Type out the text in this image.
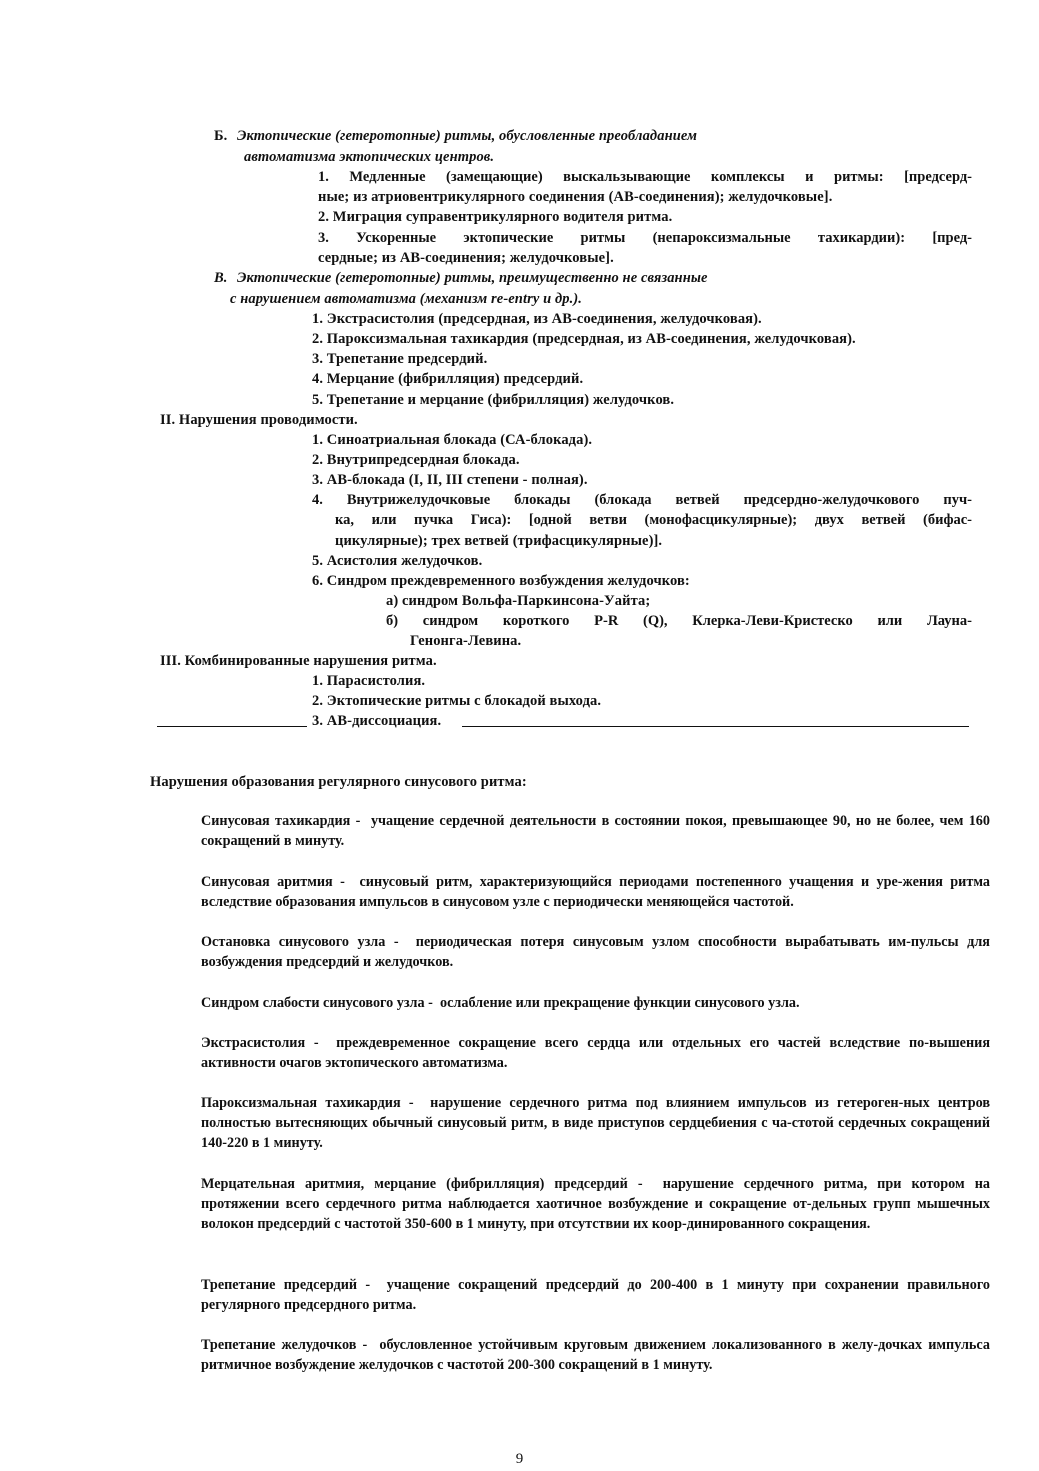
Б. Эктопические (гетеротопные) ритмы, обусловленные преобладанием
автоматизма эктопических центров.
1. Медленные (замещающие) выскальзывающие комплексы и ритмы: [предсерд-
ные; из атриовентрикулярного соединения (АВ-соединения); желудочковые].
2. Миграция суправентрикулярного водителя ритма.
3. Ускоренные эктопические ритмы (непароксизмальные тахикардии): [пред-
сердные; из АВ-соединения; желудочковые].
В. Эктопические (гетеротопные) ритмы, преимущественно не связанные
с нарушением автоматизма (механизм re-entry и др.).
1. Экстрасистолия (предсердная, из АВ-соединения, желудочковая).
2. Пароксизмальная тахикардия (предсердная, из АВ-соединения, желудочковая).
3. Трепетание предсердий.
4. Мерцание (фибрилляция) предсердий.
5. Трепетание и мерцание (фибрилляция) желудочков.
II. Нарушения проводимости.
1. Синоатриальная блокада (СА-блокада).
2. Внутрипредсердная блокада.
3. АВ-блокада (I, II, III степени - полная).
4. Внутрижелудочковые блокады (блокада ветвей предсердно-желудочкового пуч-
ка, или пучка Гиса): [одной ветви (монофасцикулярные); двух ветвей (бифас-
цикулярные); трех ветвей (трифасцикулярные)].
5. Асистолия желудочков.
6. Синдром преждевременного возбуждения желудочков:
а) синдром Вольфа-Паркинсона-Уайта;
б) синдром короткого P-R (Q), Клерка-Леви-Кристеско или Лауна-
Генонга-Левина.
III. Комбинированные нарушения ритма.
1. Парасистолия.
2. Эктопические ритмы с блокадой выхода.
3. АВ-диссоциация.
Нарушения образования регулярного синусового ритма:
Синусовая тахикардия -  учащение сердечной деятельности в состоянии покоя, превышающее 90, но не более, чем 160 сокращений в минуту.
Синусовая аритмия -  синусовый ритм, характеризующийся периодами постепенного учащения и уре-жения ритма вследствие образования импульсов в синусовом узле с периодически меняющейся частотой.
Остановка синусового узла -  периодическая потеря синусовым узлом способности вырабатывать им-пульсы для возбуждения предсердий и желудочков.
Синдром слабости синусового узла -  ослабление или прекращение функции синусового узла.
Экстрасистолия -  преждевременное сокращение всего сердца или отдельных его частей вследствие по-вышения активности очагов эктопического автоматизма.
Пароксизмальная тахикардия -  нарушение сердечного ритма под влиянием импульсов из гетероген-ных центров полностью вытесняющих обычный синусовый ритм, в виде приступов сердцебиения с ча-стотой сердечных сокращений 140-220 в 1 минуту.
Мерцательная аритмия, мерцание (фибрилляция) предсердий -  нарушение сердечного ритма, при котором на протяжении всего сердечного ритма наблюдается хаотичное возбуждение и сокращение от-дельных групп мышечных волокон предсердий с частотой 350-600 в 1 минуту, при отсутствии их коор-динированного сокращения.
Трепетание предсердий -  учащение сокращений предсердий до 200-400 в 1 минуту при сохранении правильного регулярного предсердного ритма.
Трепетание желудочков -  обусловленное устойчивым круговым движением локализованного в желу-дочках импульса ритмичное возбуждение желудочков с частотой 200-300 сокращений в 1 минуту.
9
